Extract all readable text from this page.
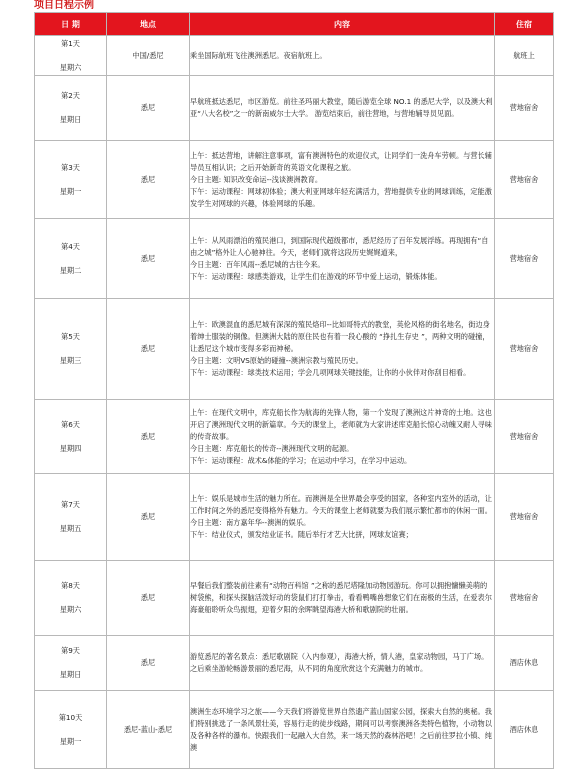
项目日程示例
日 期	地点	内容	住宿

第1天
星期六	中国/悉尼	乘坐国际航班飞往澳洲悉尼。夜宿航班上。	航班上

第2天
星期日	悉尼	早航班抵达悉尼，市区游览。前往圣玛丽大教堂，随后游览全球 NO.1 的悉尼大学，以及澳大利亚“八大名校”之一的新南威尔士大学。 游览结束后，前往营地，与营地辅导员见面。	营地宿舍

第3天
星期一	悉尼	上午：抵达营地，讲解注意事项，富有澳洲特色的欢迎仪式，让同学们一洗舟车劳顿。与营长辅导员互相认识；之后开始新奇的英语文化课程之旅。
今日主题: 知识改变命运--浅谈澳洲教育。
下午：运动课程：网球初体验；澳大利亚网球年轻充满活力，营地提供专业的网球训练，定能激发学生对网球的兴趣，体验网球的乐趣。	营地宿舍

第4天
星期二	悉尼	上午：从风雨漂泊的殖民港口，到国际现代超级都市，悉尼经历了百年发展浮练。再现拥有“自由之城”格外让人心驰神往。今天，老师们就将这段历史娓娓道来，
今日主题：百年风雨--悉尼城的古往今来。
下午：运动课程：球感类游戏，让学生们在游戏的环节中爱上运动，锻炼体能。	营地宿舍

第5天
星期三	悉尼	上午：欧澳混血的悉尼城有深深的殖民烙印--比如哥特式的教堂，英伦风格的街名地名，街边身着绅士服装的铜像。但澳洲大陆的原住民也有着一段心酸的 “挣扎生存史 ”，两种文明的碰撞，让悉尼这个城市变得多彩而神秘。
今日主题：文明VS原始的碰撞--澳洲宗教与殖民历史。
下午：运动课程：球类技术运用；学会几项网球关键技能，让你的小伙伴对你刮目相看。	营地宿舍

第6天
星期四	悉尼	上午：在现代文明中，库克船长作为航海的先锋人物，第一个发现了澳洲这片神奇的土地。这也开启了澳洲现代文明的新篇章。今天的课堂上，老师就为大家讲述库克船长惊心动魄又耐人寻味的传奇故事。
今日主题：库克船长的传奇--澳洲现代文明的起源。
下午：运动课程：战术&体能的学习；在运动中学习，在学习中运动。	营地宿舍

第7天
星期五	悉尼	上午：娱乐是城市生活的魅力所在。而澳洲是全世界最会享受的国家，各种室内室外的活动，让工作时间之外的悉尼变得格外有魅力。今天的课堂上老师就要为我们展示繁忙都市的休闲一面。
今日主题：南方嘉年华--澳洲的娱乐。
下午：结业仪式，颁发结业证书。随后举行才艺大比拼，网球友谊赛；	营地宿舍

第8天
星期六	悉尼	早餐后我们整装前往素有“动物百科馆 ”之称的悉尼塔隆加动物园游玩。你可以拥抱慵懒美萌的树袋熊，和探头探脑活泼好动的袋鼠们打打拳击，看看鸭嘴兽想象它们在南极的生活，在爱表尔海豪船聆听众鸟振翅，迎着夕阳的余晖眺望海港大桥和歌剧院的壮丽。	营地宿舍

第9天
星期日	悉尼	游览悉尼的著名景点：悉尼歌剧院（入内参观），海港大桥，情人港，皇家动物园，马丁广场。之后乘坐游轮畅游景丽的悉尼海，从不同的角度欣赏这个充满魅力的城市。	酒店休息

第10天
星期一	悉尼-蓝山-悉尼	澳洲生态环境学习之旅——今天我们将游览世界自然遗产蓝山国家公园，探索大自然的奥秘。我们特别挑选了一条风景壮美，容易行走的徒步线路，期间可以考察澳洲各类特色植物，小动物以及各种各样的瀑布。快跟我们一起融入大自然，来一场天然的森林浴吧！之后前往罗拉小镇、纯澳	酒店休息
